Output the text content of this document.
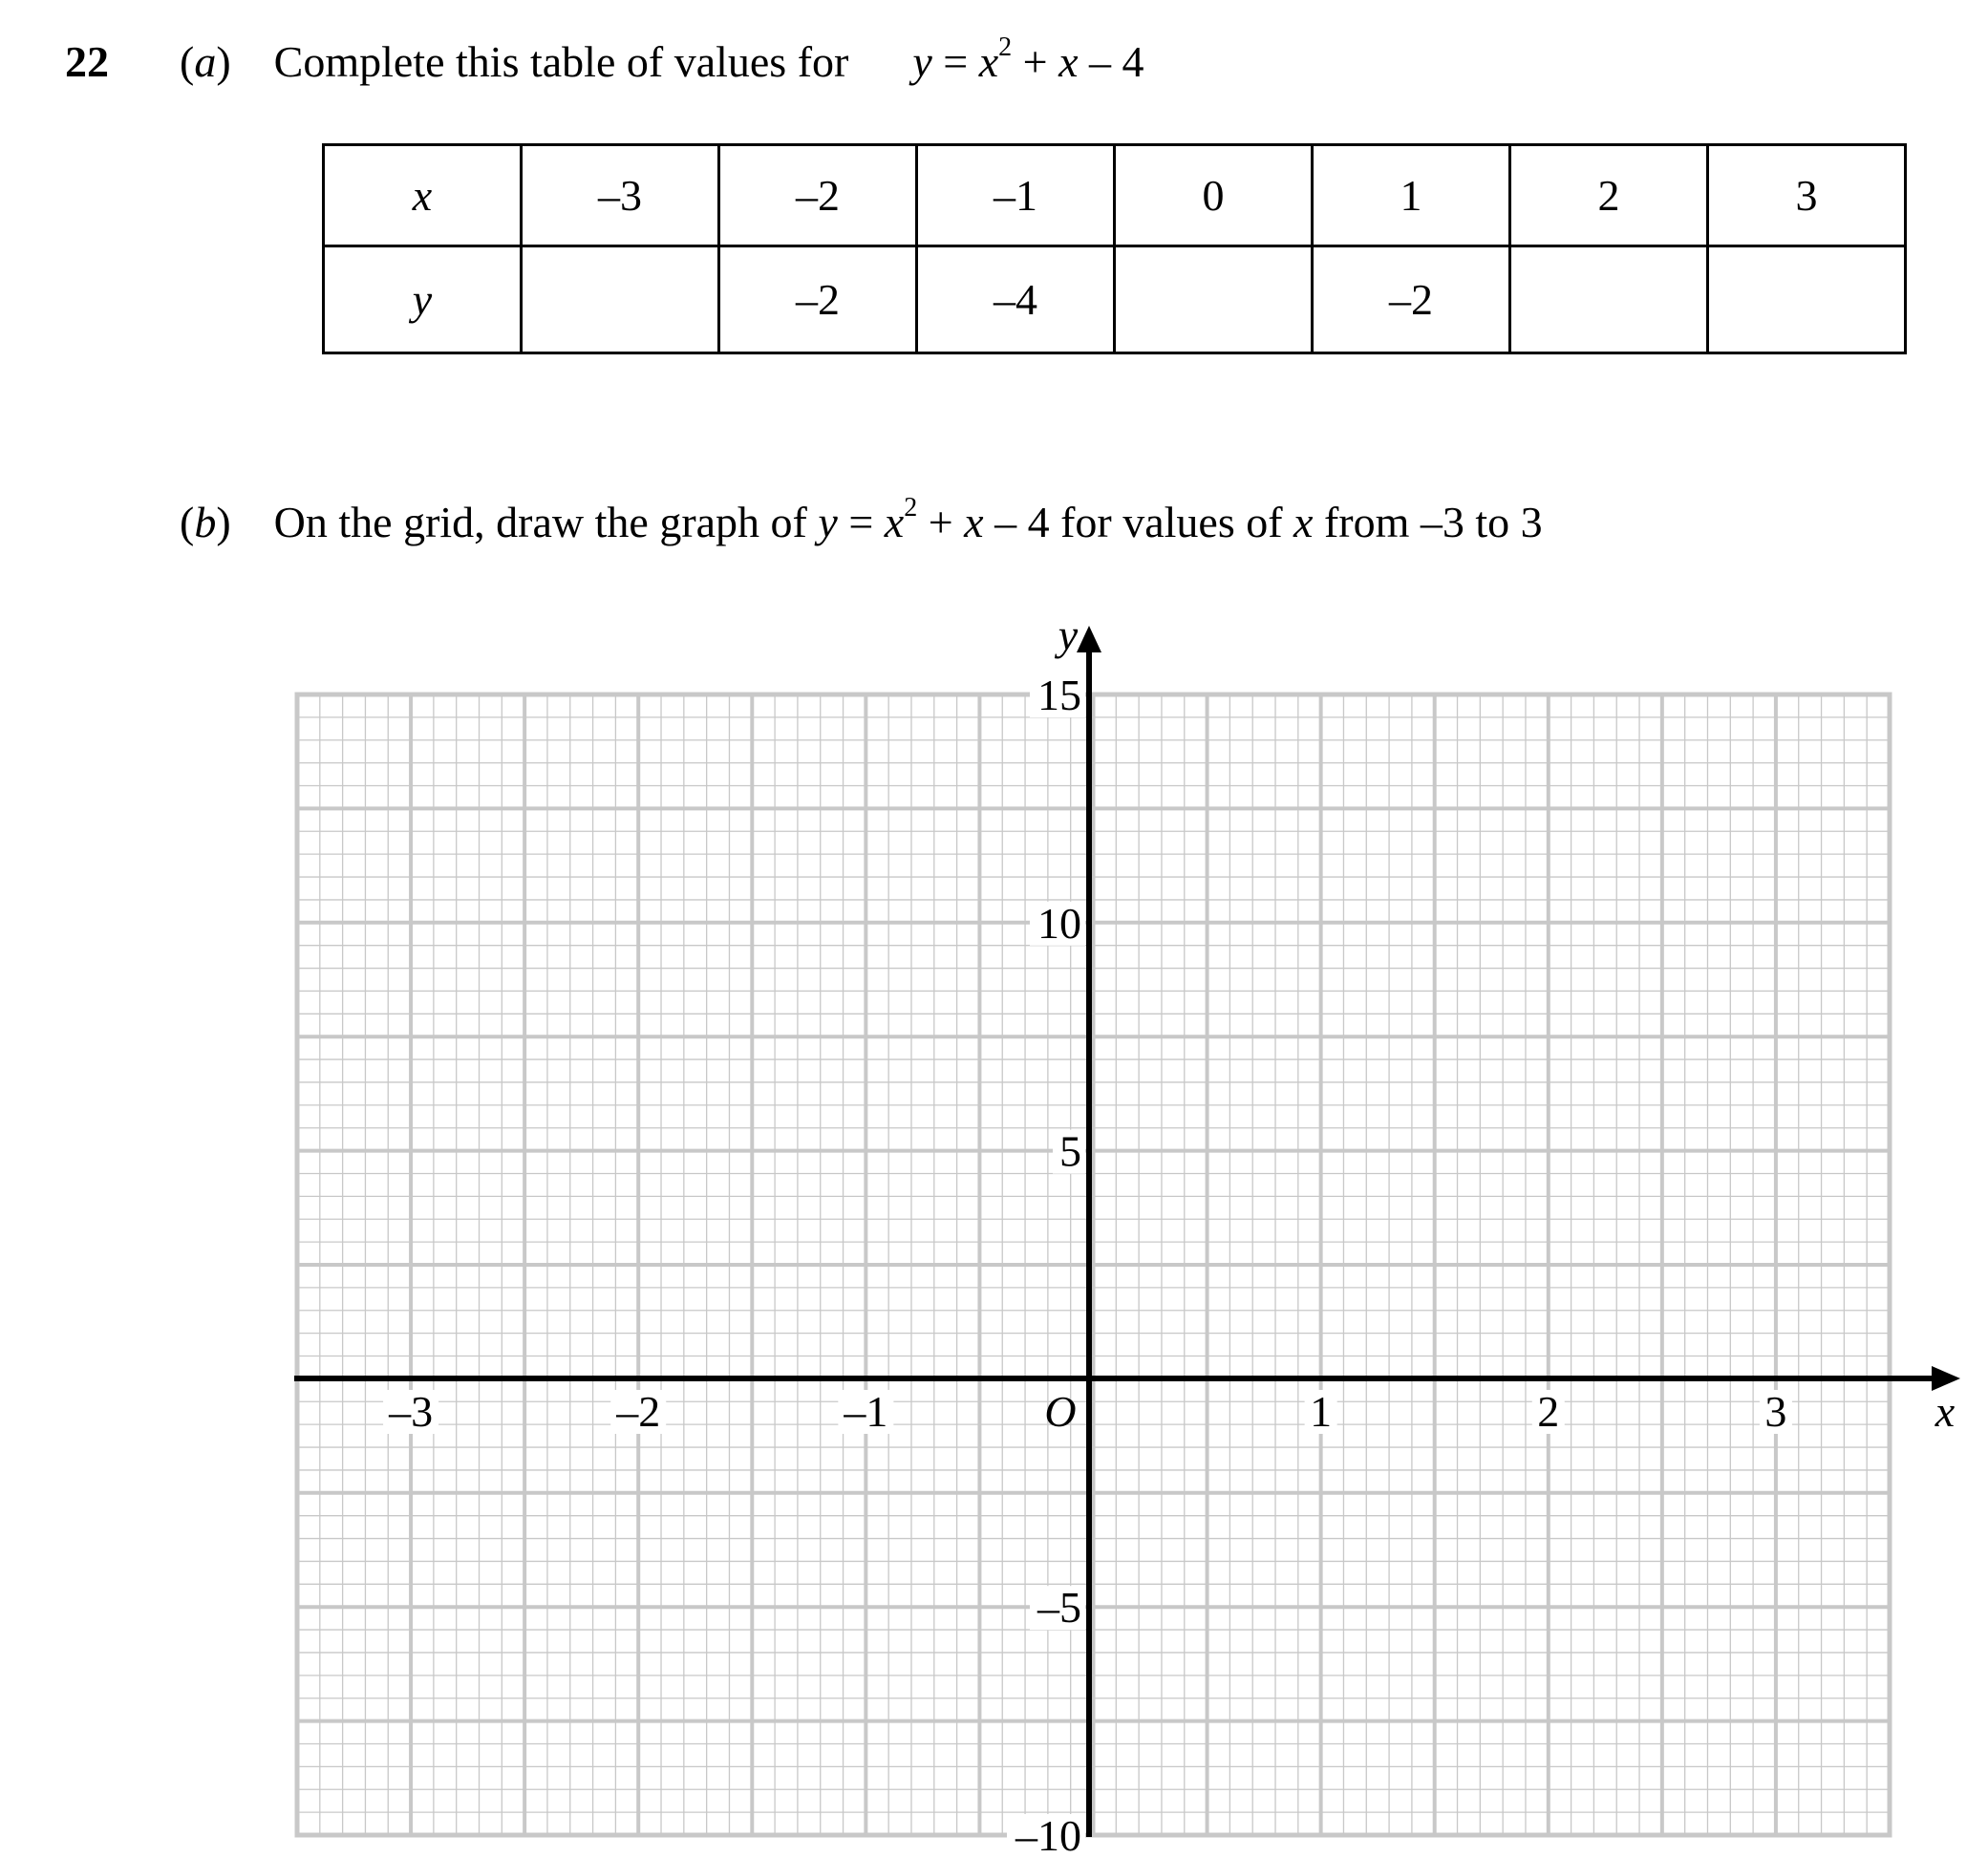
22 (a) Complete this table of values for $y = x^2 + x - 4$
x	–3	–2	–1	0	1	2	3
y		–2	–4		–2		
(b) On the grid, draw the graph of $y = x^2 + x - 4$ for values of x from –3 to 3
–3	–2	–1	1	2	3
15
10
5
–5
–10
O	x
y
